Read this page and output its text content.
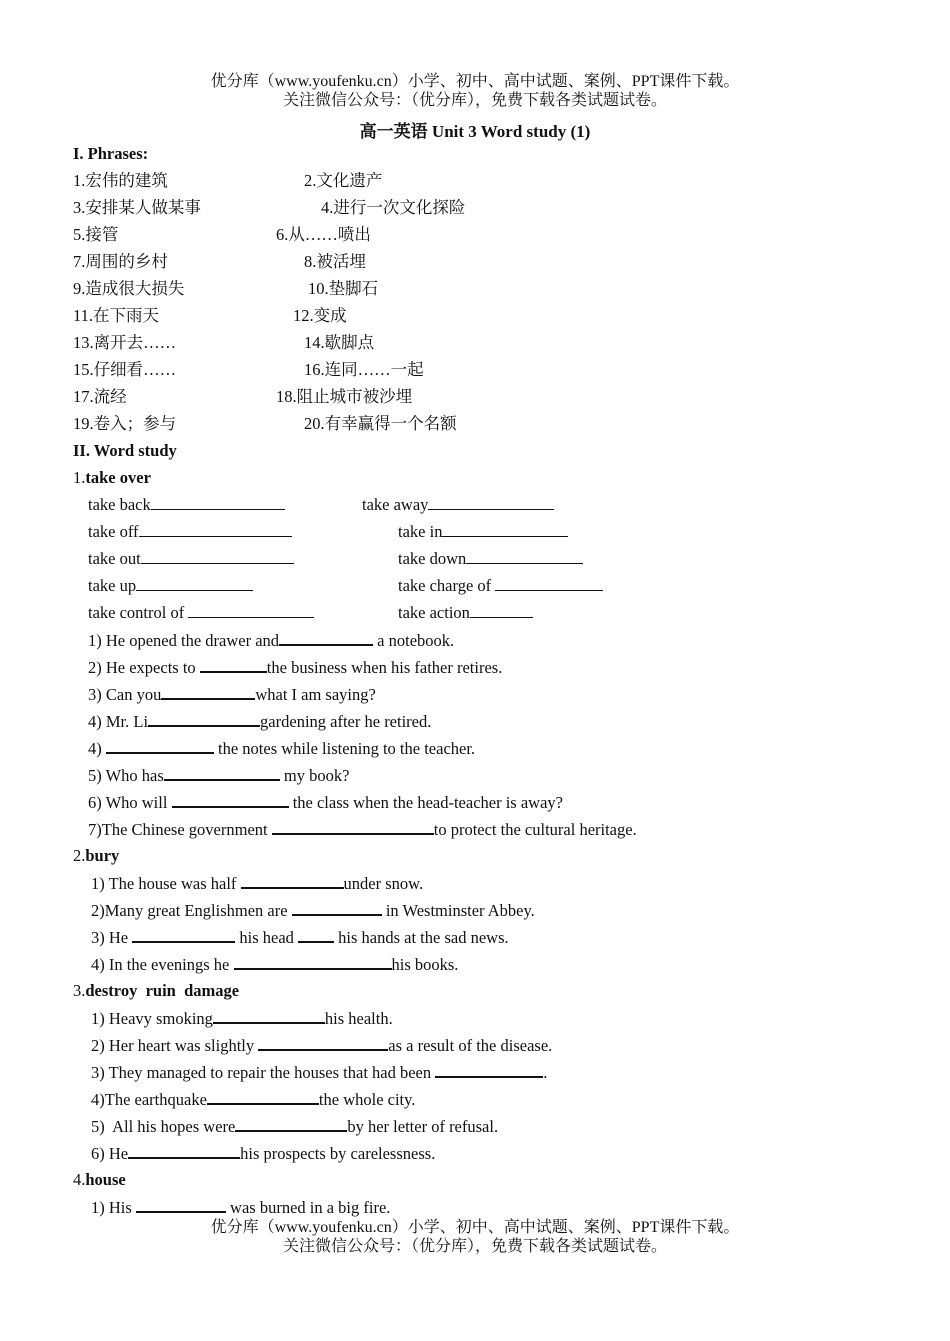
优分库（www.youfenku.cn）小学、初中、高中试题、案例、PPT课件下载。
关注微信公众号：（优分库），免费下载各类试题试卷。
高一英语 Unit 3 Word study (1)
I. Phrases:
1.宏伟的建筑	2.文化遗产
3.安排某人做某事	4.进行一次文化探险
5.接管	6.从……喷出
7.周围的乡村	8.被活埋
9.造成很大损失	10.垫脚石
11.在下雨天	12.变成
13.离开去……	14.歇脚点
15.仔细看……	16.连同……一起
17.流经	18.阻止城市被沙埋
19.卷入；参与	20.有幸赢得一个名额
II. Word study
1.take over
take back	take away
take off	take in
take out	take down
take up	take charge of
take control of	take action
1) He opened the drawer and	a notebook.
2) He expects to	the business when his father retires.
3) Can you	what I am saying?
4) Mr. Li	gardening after he retired.
4)	the notes while listening to the teacher.
5) Who has	my book?
6) Who will	the class when the head-teacher is away?
7)The Chinese government	to protect the cultural heritage.
2.bury
1) The house was half	under snow.
2)Many great Englishmen are	in Westminster Abbey.
3) He	his head  his hands at the sad news.
4) In the evenings he	his books.
3.destroy  ruin  damage
1) Heavy smoking	his health.
2) Her heart was slightly	as a result of the disease.
3) They managed to repair the houses that had been	.
4)The earthquake	the whole city.
5)  All his hopes were	by her letter of refusal.
6) He	his prospects by carelessness.
4.house
1) His	was burned in a big fire.
优分库（www.youfenku.cn）小学、初中、高中试题、案例、PPT课件下载。
关注微信公众号：（优分库），免费下载各类试题试卷。
